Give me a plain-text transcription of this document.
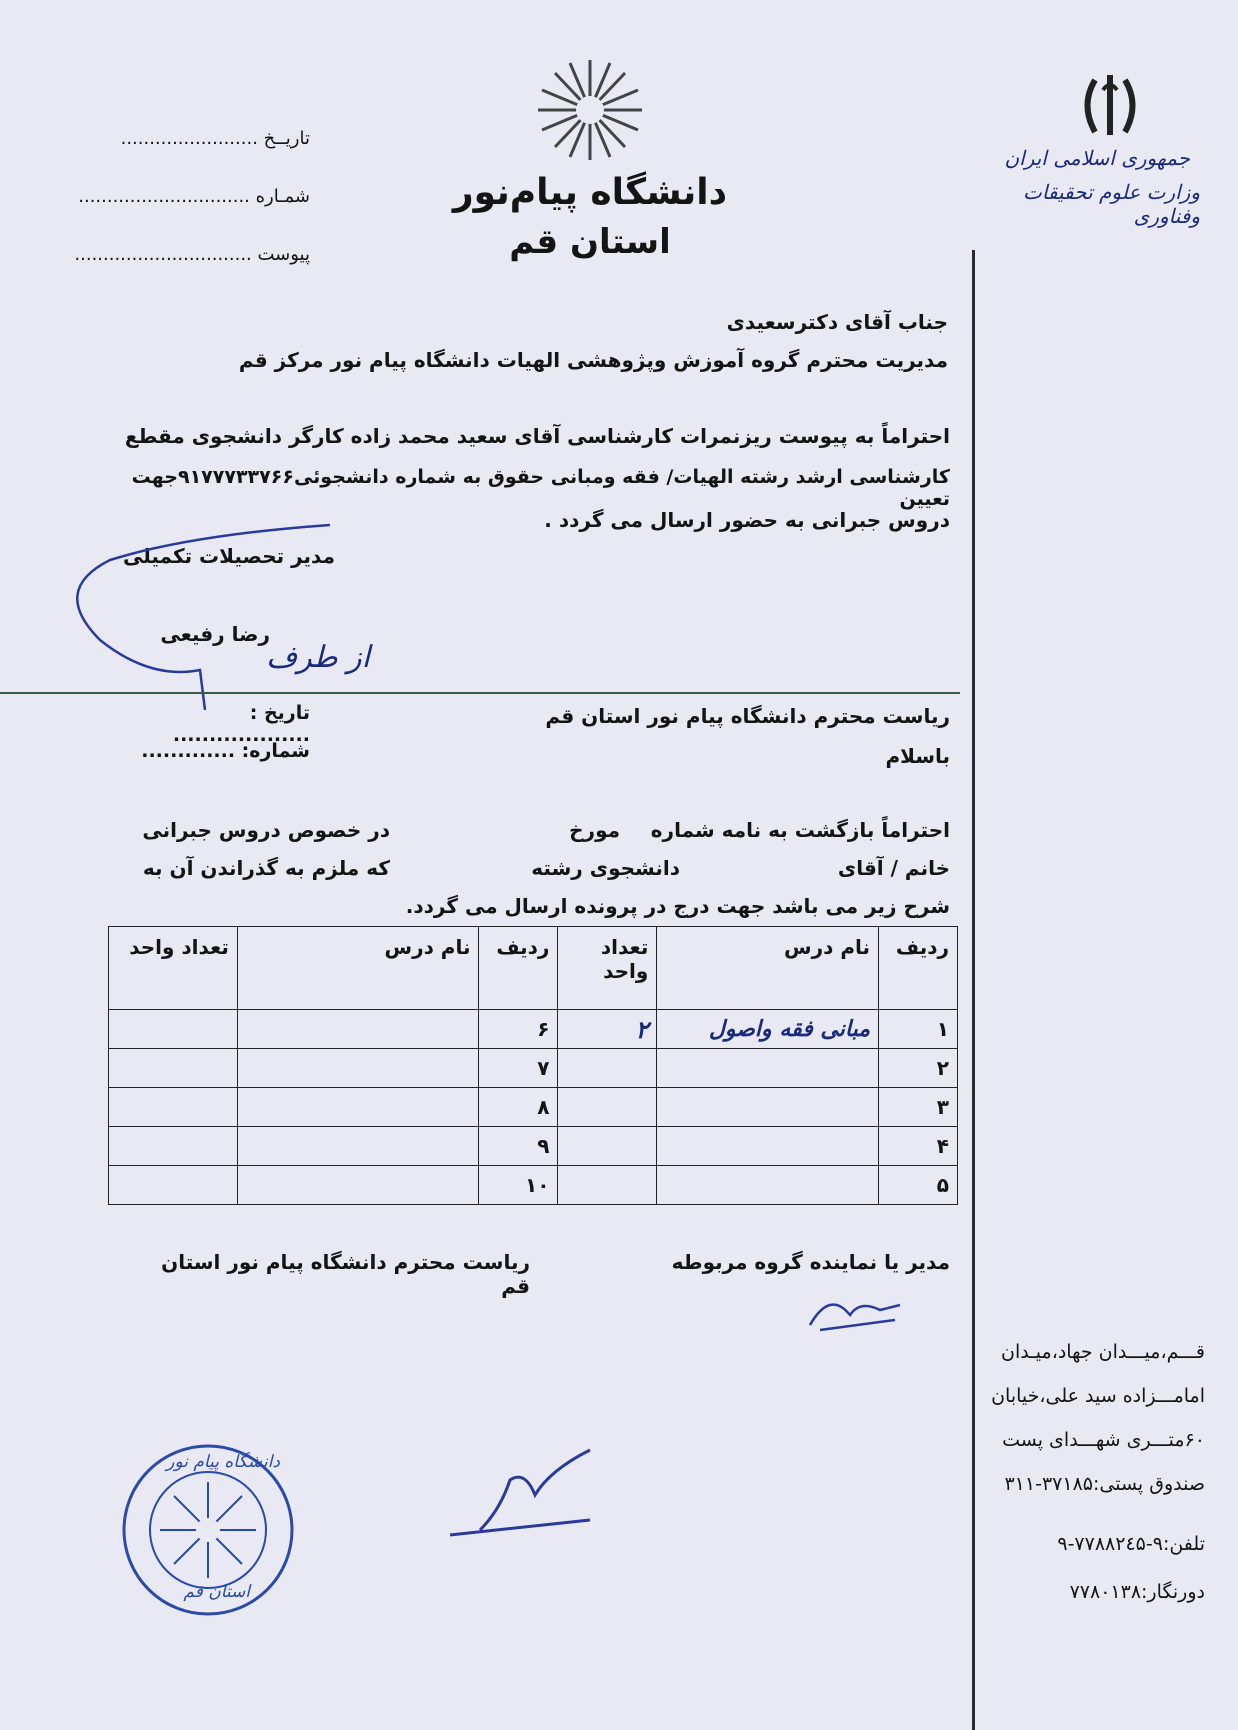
جمهوری اسلامی ایران
وزارت علوم تحقیقات وفناوری
دانشگاه پیام‌نور
استان قم
تاریــخ ........................
شمـاره ..............................
پیوست ...............................
جناب آقای دکترسعیدی
مدیریت محترم گروه آموزش وپژوهشی الهیات دانشگاه پیام نور مرکز قم
احتراماً به پیوست ریزنمرات کارشناسی آقای سعید محمد زاده کارگر دانشجوی مقطع
کارشناسی ارشد رشته الهیات/ فقه ومبانی حقوق به شماره دانشجوئی۹۱۷۷۷۳۳۷۶۶جهت تعیین
دروس جبرانی به حضور ارسال می گردد .
مدیر تحصیلات تکمیلی
رضا رفیعی
از طرف
تاریخ : ...................
شماره: .............
ریاست محترم دانشگاه پیام نور استان قم
باسلام
احتراماً بازگشت به نامه شماره
مورخ
در خصوص دروس جبرانی
خانم / آقای
دانشجوی رشته
که ملزم به گذراندن آن به
شرح زیر می باشد جهت درج در پرونده ارسال می گردد.
ردیف	نام درس	تعداد واحد	ردیف	نام درس	تعداد واحد
۱	مبانی فقه واصول	۲	۶		
۲			۷		
۳			۸		
۴			۹		
۵			۱۰		
مدیر یا نماینده گروه مربوطه
ریاست محترم دانشگاه پیام نور استان قم
دانشگاه پیام نور
استان قم
قـــم،میـــدان جهاد،میـدان
امامـــزاده سید علی،خیابان
۶۰متـــری شهـــدای پست
صندوق پستی:۳۷۱۸۵-۳۱۱
تلفن:۹-۷۷۸۸۲٤۵-۹
دورنگار:۷۷۸۰۱۳۸
